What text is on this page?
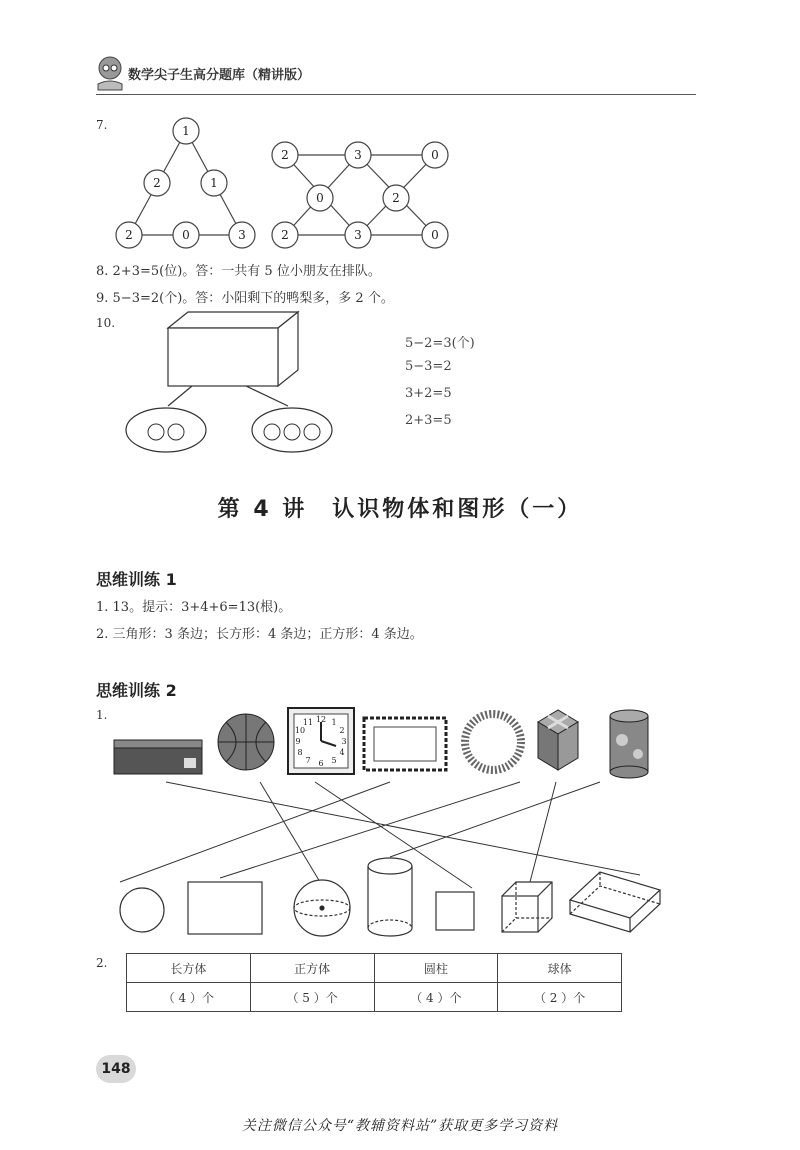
数学尖子生高分题库（精讲版）
7.	1
2	1
2	0	3
2	3	0
0	2
2	3	0
8. 2+3=5(位)。答：一共有 5 位小朋友在排队。
9. 5−3=2(个)。答：小阳剩下的鸭梨多，多 2 个。
10.
5−2=3(个)
5−3=2
3+2=5
2+3=5
第 4 讲　认识物体和图形（一）
思维训练 1
1. 13。提示：3+4+6=13(根)。
2. 三角形：3 条边；长方形：4 条边；正方形：4 条边。
思维训练 2
1.	12
11 1
10	2
9	3
8	4
7	5
6
2.	长方体	正方体	圆柱	球体
（ 4 ）个	（ 5 ）个	（ 4 ）个	（ 2 ）个
148
关注微信公众号“教辅资料站”获取更多学习资料
